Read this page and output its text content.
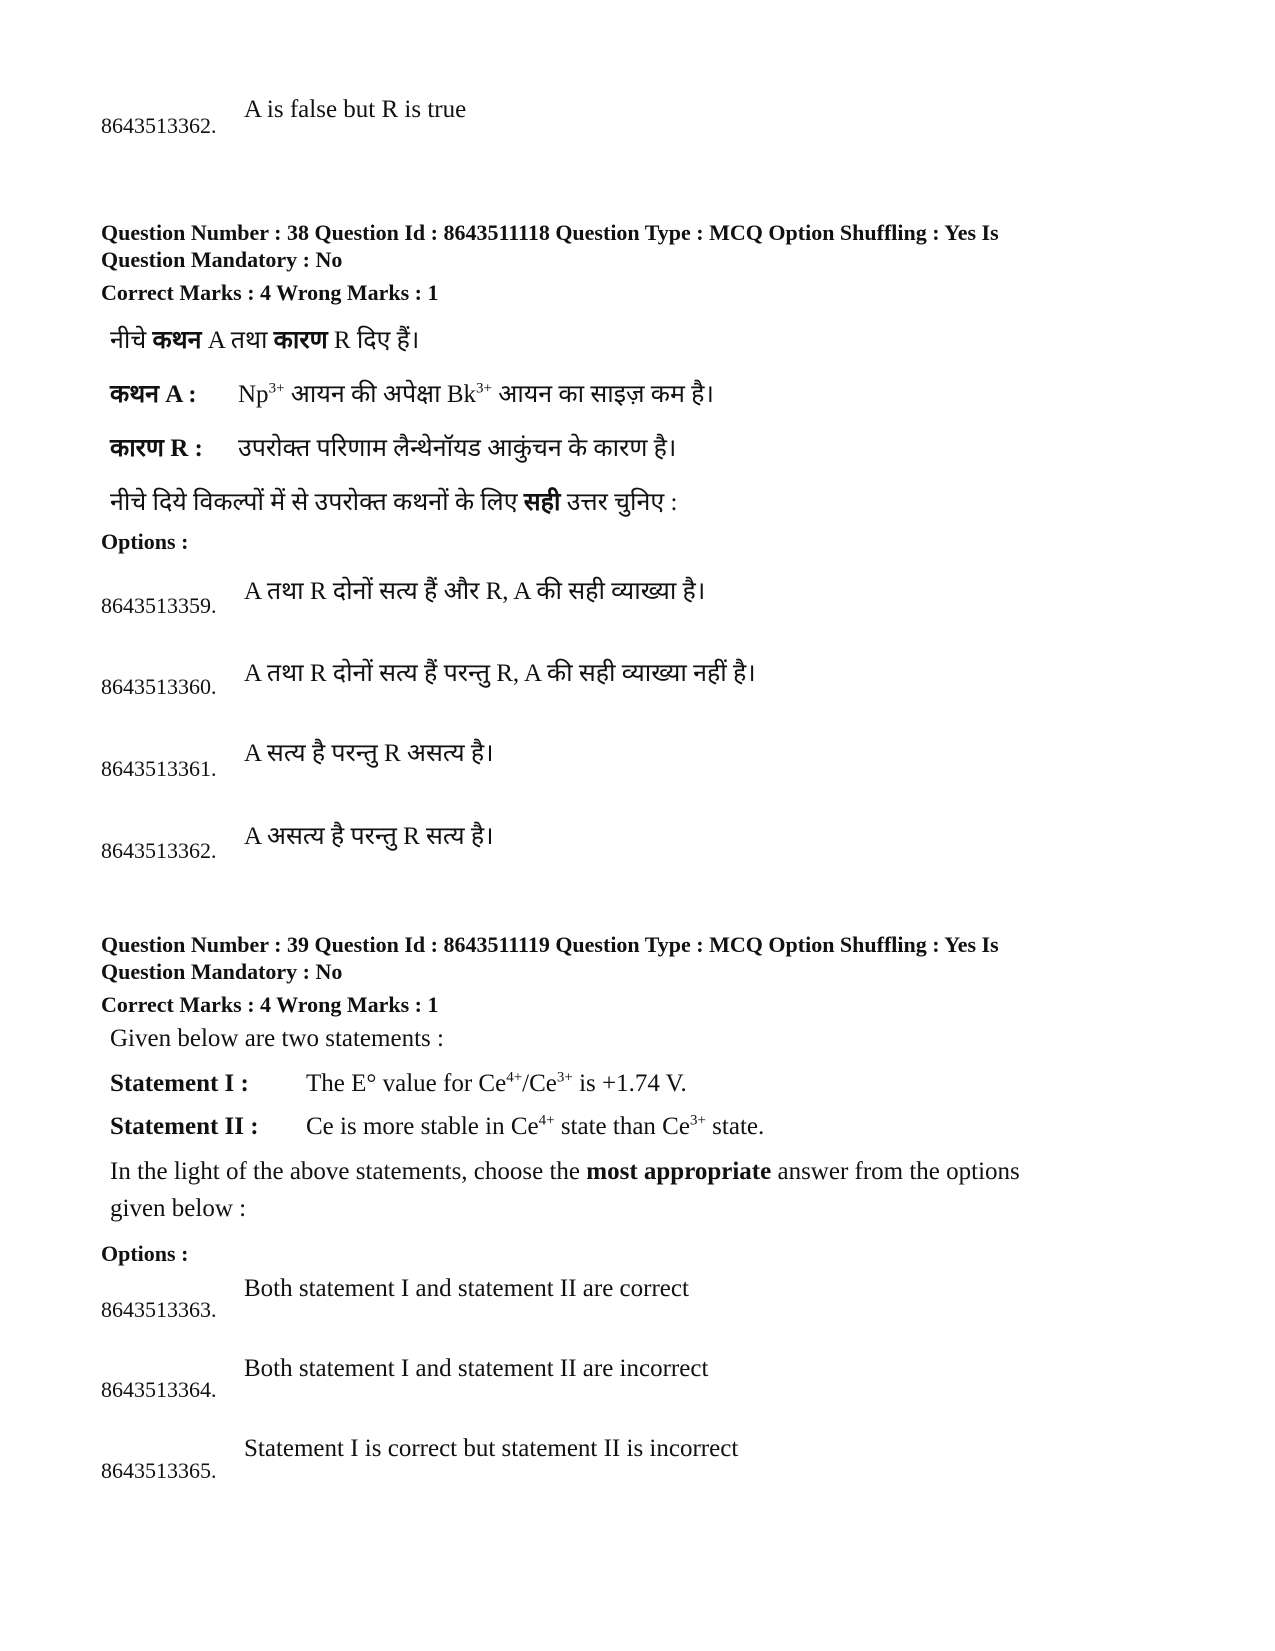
8643513362.
A is false but R is true
Question Number : 38 Question Id : 8643511118 Question Type : MCQ Option Shuffling : Yes Is
Question Mandatory : No
Correct Marks : 4 Wrong Marks : 1
नीचे कथन A तथा कारण R दिए हैं।
कथन A : $Np^{3+}$ आयन की अपेक्षा $Bk^{3+}$ आयन का साइज़ कम है।
कारण R : उपरोक्त परिणाम लैन्थेनॉयड आकुंचन के कारण है।
नीचे दिये विकल्पों में से उपरोक्त कथनों के लिए सही उत्तर चुनिए :
Options :
8643513359.
A तथा R दोनों सत्य हैं और R, A की सही व्याख्या है।
8643513360. A तथा R दोनों सत्य हैं परन्तु R, A की सही व्याख्या नहीं है।
8643513361.
A सत्य है परन्तु R असत्य है।
8643513362.
A असत्य है परन्तु R सत्य है।
Question Number : 39 Question Id : 8643511119 Question Type : MCQ Option Shuffling : Yes Is
Question Mandatory : No
Correct Marks : 4 Wrong Marks : 1
Given below are two statements :
Statement I : The E° value for $Ce^{4+}/Ce^{3+}$ is +1.74 V.
Statement II : Ce is more stable in $Ce^{4+}$ state than $Ce^{3+}$ state.
In the light of the above statements, choose the most appropriate answer from the options
given below :
Options :
8643513363.
Both statement I and statement II are correct
8643513364.
Both statement I and statement II are incorrect
8643513365.
Statement I is correct but statement II is incorrect
